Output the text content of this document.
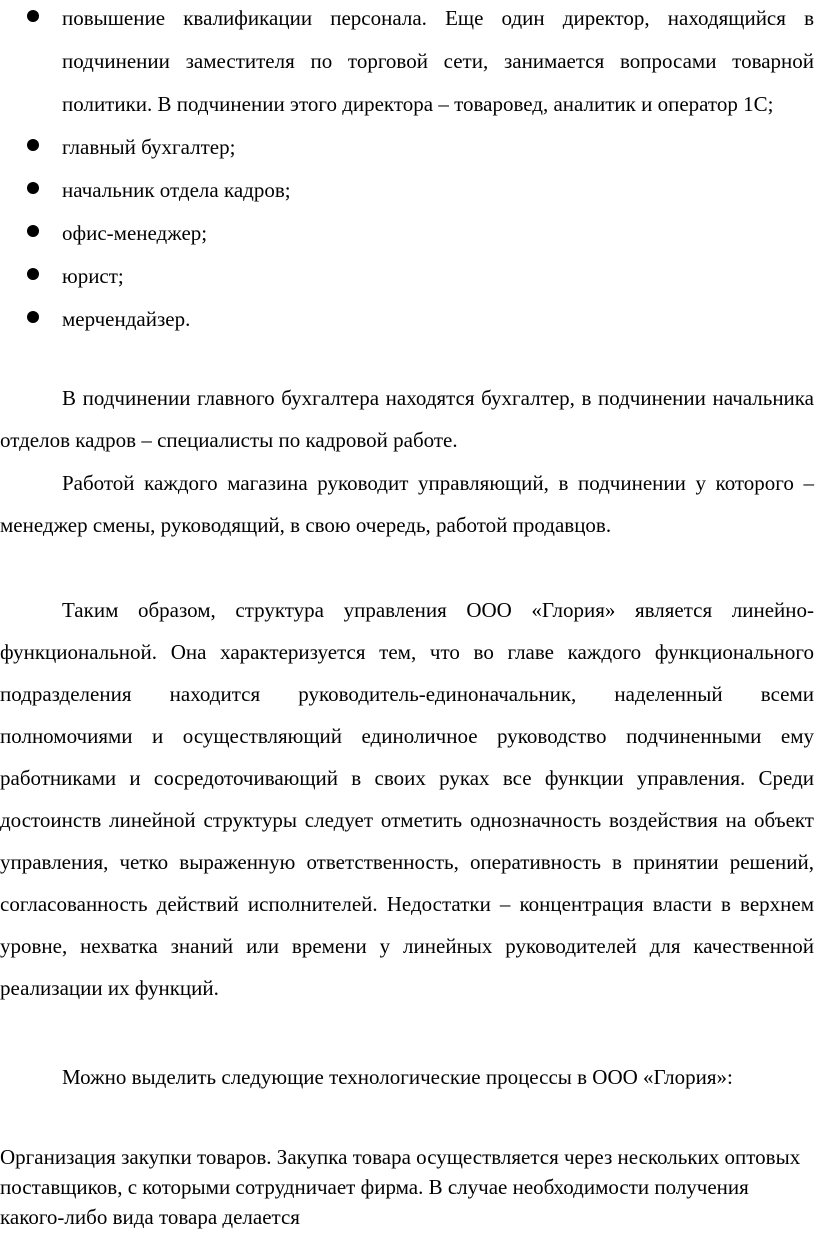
повышение квалификации персонала. Еще один директор, находящийся в подчинении заместителя по торговой сети, занимается вопросами товарной политики. В подчинении этого директора – товаровед, аналитик и оператор 1С;
главный бухгалтер;
начальник отдела кадров;
офис-менеджер;
юрист;
мерчендайзер.

В подчинении главного бухгалтера находятся бухгалтер, в подчинении начальника отделов кадров – специалисты по кадровой работе.

Работой каждого магазина руководит управляющий, в подчинении у которого – менеджер смены, руководящий, в свою очередь, работой продавцов.

Таким образом, структура управления ООО «Глория» является линейно-функциональной. Она характеризуется тем, что во главе каждого функционального подразделения находится руководитель-единоначальник, наделенный всеми полномочиями и осуществляющий единоличное руководство подчиненными ему работниками и сосредоточивающий в своих руках все функции управления. Среди достоинств линейной структуры следует отметить однозначность воздействия на объект управления, четко выраженную ответственность, оперативность в принятии решений, согласованность действий исполнителей. Недостатки – концентрация власти в верхнем уровне, нехватка знаний или времени у линейных руководителей для качественной реализации их функций.

Можно выделить следующие технологические процессы в ООО «Глория»:

Организация закупки товаров. Закупка товара осуществляется через нескольких оптовых поставщиков, с которыми сотрудничает фирма. В случае необходимости получения какого-либо вида товара делается
